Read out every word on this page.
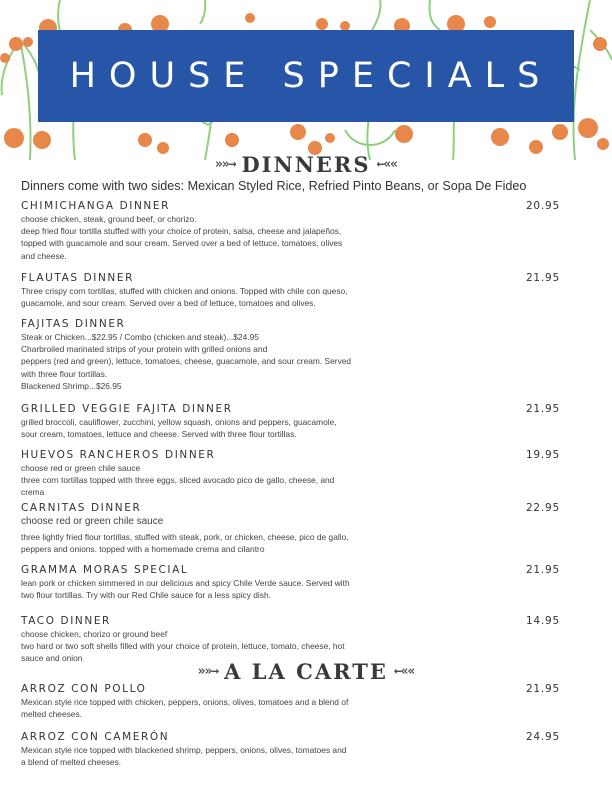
HOUSE SPECIALS
»»→ DINNERS ←««
Dinners come with two sides: Mexican Styled Rice, Refried Pinto Beans, or Sopa De Fideo
CHIMICHANGA DINNER	20.95
choose chicken, steak, ground beef, or chorizo.
deep fried flour tortilla stuffed with your choice of protein, salsa, cheese and jalapeños,
topped with guacamole and sour cream. Served over a bed of lettuce, tomatoes, olives
and cheese.
FLAUTAS DINNER	21.95
Three crispy corn tortillas, stuffed with chicken and onions. Topped with chile con queso,
guacamole, and sour cream. Served over a bed of lettuce, tomatoes and olives.
FAJITAS DINNER
Steak or Chicken...$22.95 / Combo (chicken and steak)...$24.95
Charbroiled marinated strips of your protein with grilled onions and
peppers (red and green), lettuce, tomatoes, cheese, guacamole, and sour cream. Served
with three flour tortillas.
Blackened Shrimp...$26.95
GRILLED VEGGIE FAJITA DINNER	21.95
grilled broccoli, cauliflower, zucchini, yellow squash, onions and peppers, guacamole,
sour cream, tomatoes, lettuce and cheese. Served with three flour tortillas.
HUEVOS RANCHEROS DINNER	19.95
choose red or green chile sauce
three corn tortillas topped with three eggs, sliced avocado pico de gallo, cheese, and
crema
CARNITAS DINNER	22.95
choose red or green chile sauce
three lightly fried flour tortillas, stuffed with steak, pork, or chicken, cheese, pico de gallo,
peppers and onions. topped with a homemade crema and cilantro
GRAMMA MORAS SPECIAL	21.95
lean pork or chicken simmered in our delicious and spicy Chile Verde sauce. Served with
two flour tortillas. Try with our Red Chile sauce for a less spicy dish.
TACO DINNER	14.95
choose chicken, chorizo or ground beef
two hard or two soft shells filled with your choice of protein, lettuce, tomato, cheese, hot
sauce and onion
»»→ A LA CARTE ←««
ARROZ CON POLLO	21.95
Mexican style rice topped with chicken, peppers, onions, olives, tomatoes and a blend of
melted cheeses.
ARROZ CON CAMERÓN	24.95
Mexican style rice topped with blackened shrimp, peppers, onions, olives, tomatoes and
a blend of melted cheeses.
